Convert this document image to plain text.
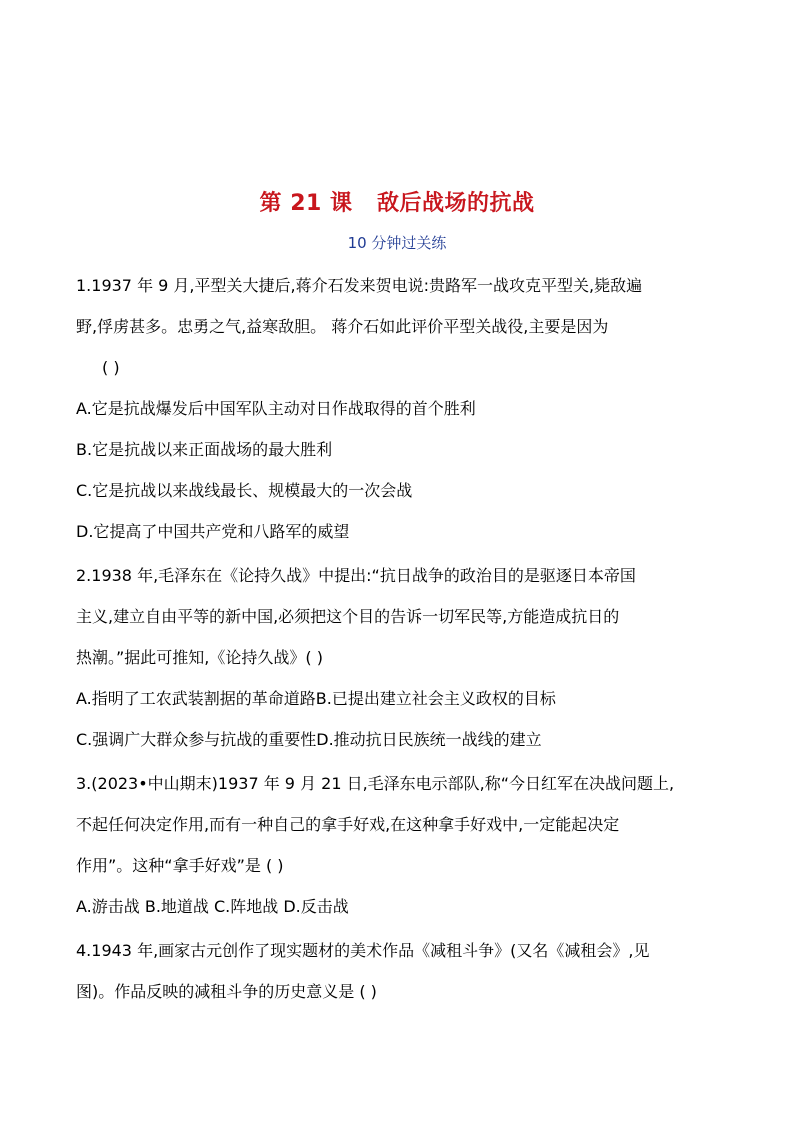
第 21 课   敌后战场的抗战
10 分钟过关练
1.1937 年 9 月,平型关大捷后,蒋介石发来贺电说:贵路军一战攻克平型关,毙敌遍
野,俘虏甚多。忠勇之气,益寒敌胆。 蒋介石如此评价平型关战役,主要是因为
( )
A.它是抗战爆发后中国军队主动对日作战取得的首个胜利
B.它是抗战以来正面战场的最大胜利
C.它是抗战以来战线最长、规模最大的一次会战
D.它提高了中国共产党和八路军的威望
2.1938 年,毛泽东在《论持久战》中提出:“抗日战争的政治目的是驱逐日本帝国
主义,建立自由平等的新中国,必须把这个目的告诉一切军民等,方能造成抗日的
热潮。”据此可推知,《论持久战》( )
A.指明了工农武装割据的革命道路B.已提出建立社会主义政权的目标
C.强调广大群众参与抗战的重要性D.推动抗日民族统一战线的建立
3.(2023•中山期末)1937 年 9 月 21 日,毛泽东电示部队,称“今日红军在决战问题上,
不起任何决定作用,而有一种自己的拿手好戏,在这种拿手好戏中,一定能起决定
作用”。这种“拿手好戏”是 ( )
A.游击战 B.地道战 C.阵地战 D.反击战
4.1943 年,画家古元创作了现实题材的美术作品《减租斗争》(又名《减租会》,见
图)。作品反映的减租斗争的历史意义是 ( )
